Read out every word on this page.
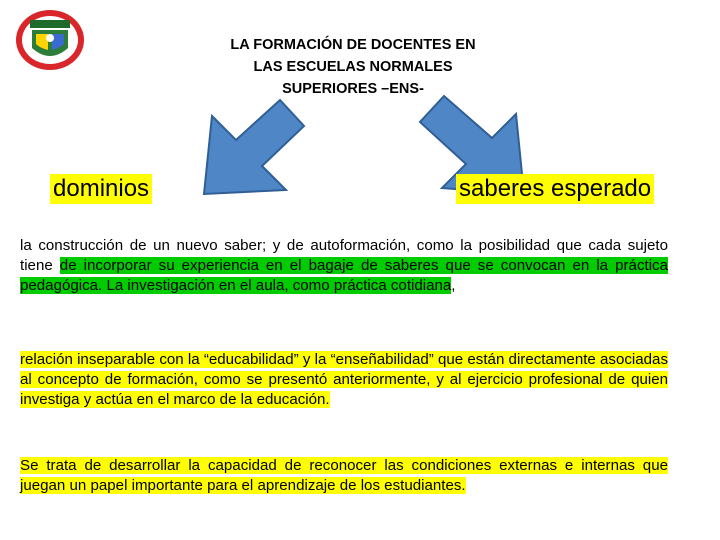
LA FORMACIÓN DE DOCENTES EN
LAS ESCUELAS NORMALES
SUPERIORES –ENS-
dominios	saberes esperado
la construcción de un nuevo saber; y de autoformación, como la posibilidad que cada sujeto tiene de incorporar su experiencia en el bagaje de saberes que se convocan en la práctica pedagógica. La investigación en el aula, como práctica cotidiana,
relación inseparable con la “educabilidad” y la “enseñabilidad” que están directamente asociadas al concepto de formación, como se presentó anteriormente, y al ejercicio profesional de quien investiga y actúa en el marco de la educación.
Se trata de desarrollar la capacidad de reconocer las condiciones externas e internas que juegan un papel importante para el aprendizaje de los estudiantes.
